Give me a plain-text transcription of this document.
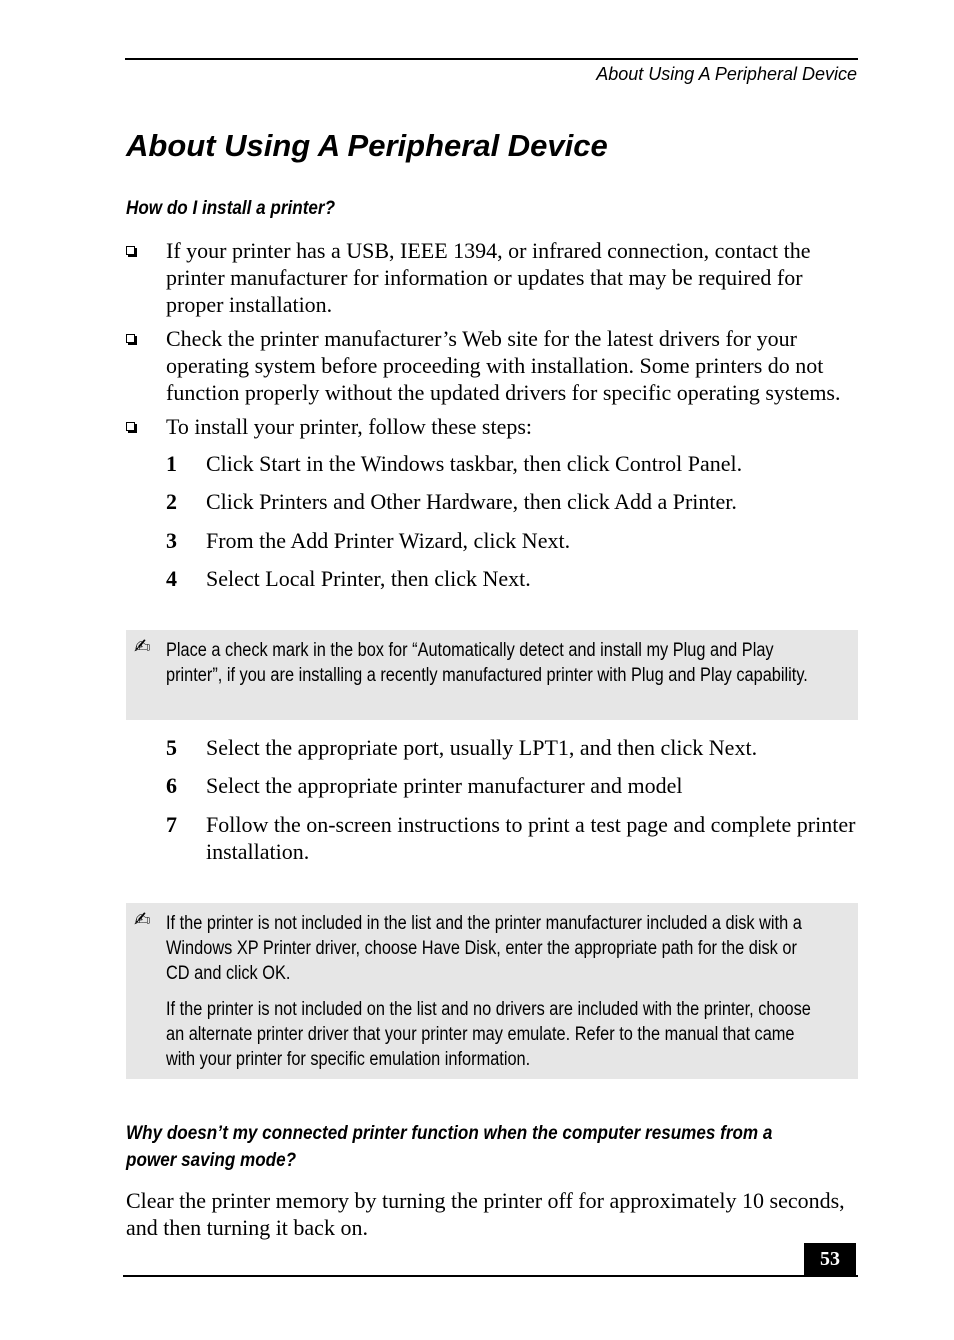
About Using A Peripheral Device
About Using A Peripheral Device
How do I install a printer?
If your printer has a USB, IEEE 1394, or infrared connection, contact the printer manufacturer for information or updates that may be required for proper installation.
Check the printer manufacturer’s Web site for the latest drivers for your operating system before proceeding with installation. Some printers do not function properly without the updated drivers for specific operating systems.
To install your printer, follow these steps:
1 Click Start in the Windows taskbar, then click Control Panel.
2 Click Printers and Other Hardware, then click Add a Printer.
3 From the Add Printer Wizard, click Next.
4 Select Local Printer, then click Next.
✍ Place a check mark in the box for “Automatically detect and install my Plug and Play printer”, if you are installing a recently manufactured printer with Plug and Play capability.

5 Select the appropriate port, usually LPT1, and then click Next.
6 Select the appropriate printer manufacturer and model
7 Follow the on-screen instructions to print a test page and complete printer installation.
✍ If the printer is not included in the list and the printer manufacturer included a disk with a Windows XP Printer driver, choose Have Disk, enter the appropriate path for the disk or CD and click OK.

If the printer is not included on the list and no drivers are included with the printer, choose an alternate printer driver that your printer may emulate. Refer to the manual that came with your printer for specific emulation information.

Why doesn’t my connected printer function when the computer resumes from a power saving mode?

Clear the printer memory by turning the printer off for approximately 10 seconds, and then turning it back on.

53
